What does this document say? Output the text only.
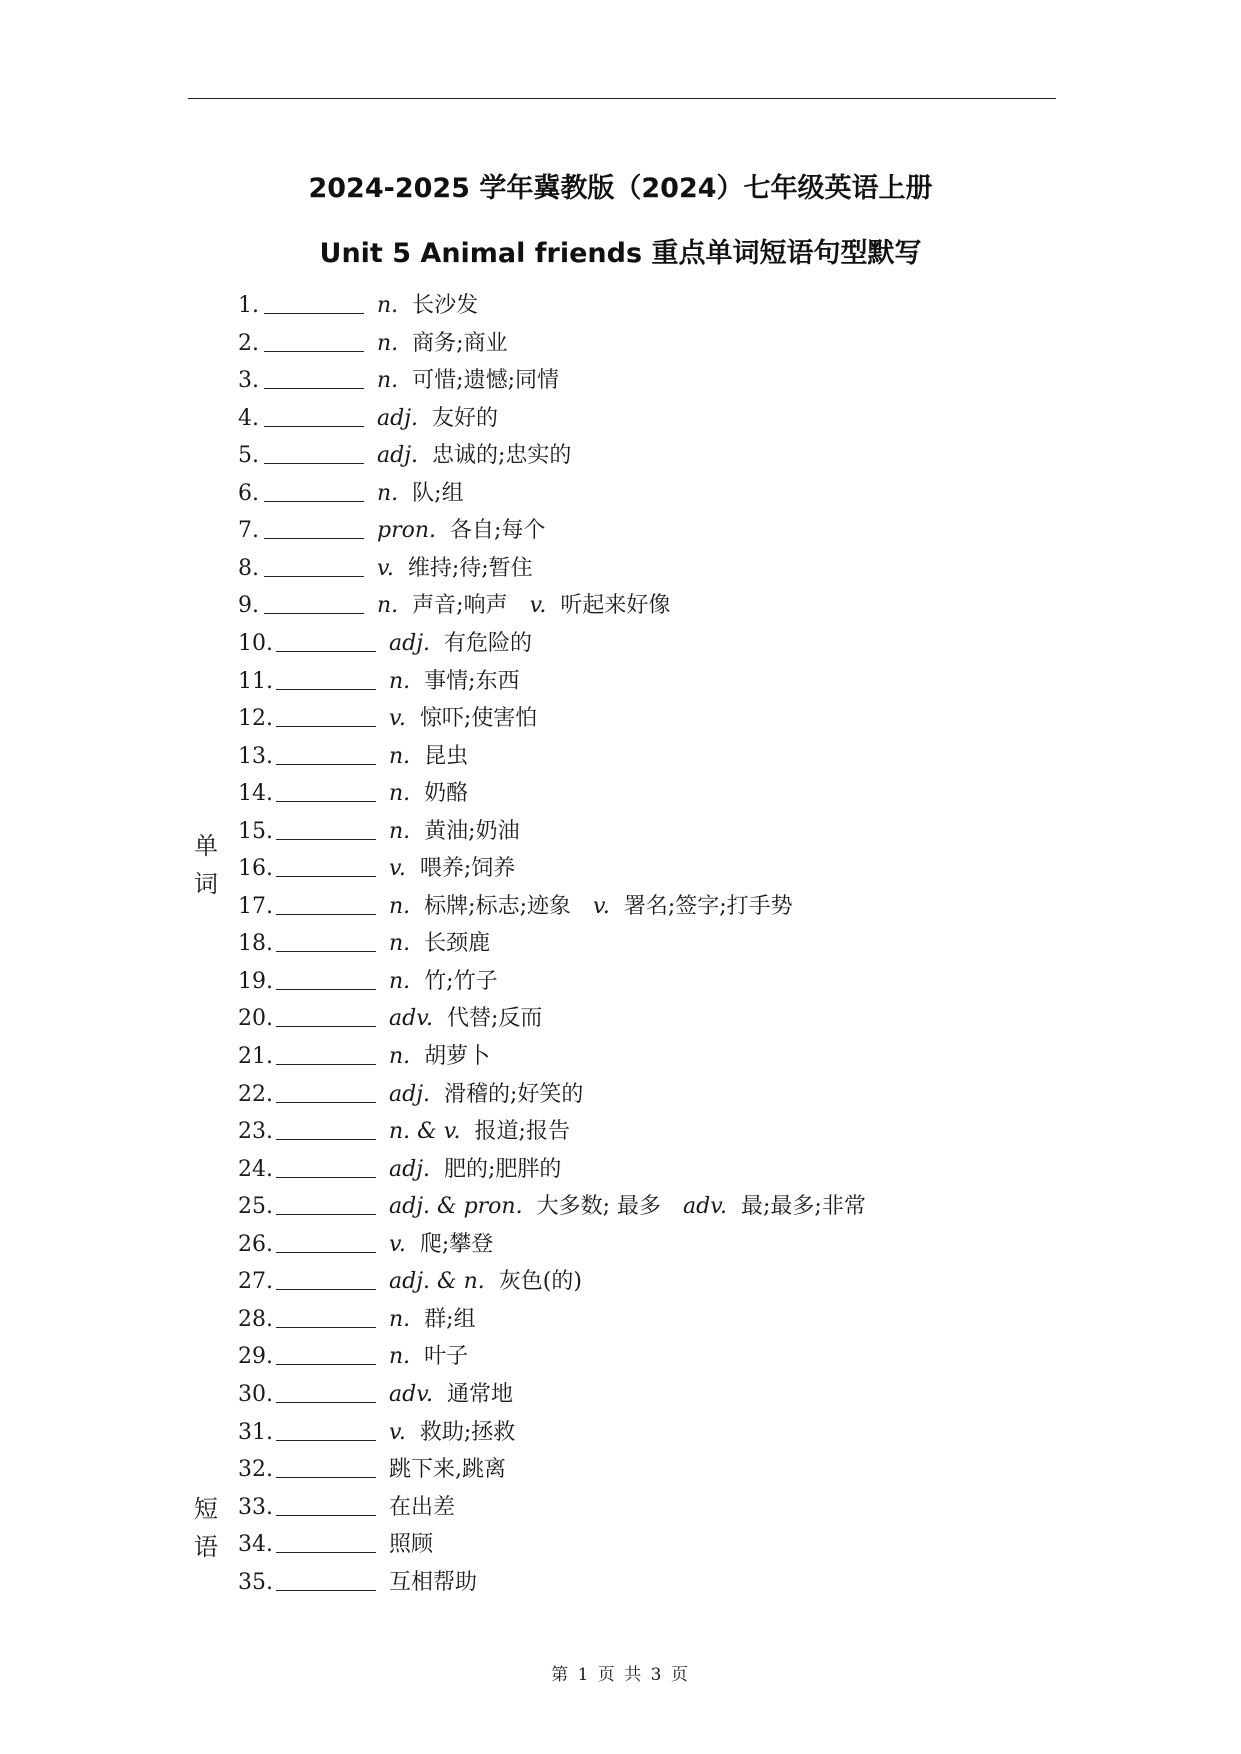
2024-2025 学年冀教版（2024）七年级英语上册
Unit 5 Animal friends 重点单词短语句型默写
单
词
短
语
1.	n. 长沙发
2.	n. 商务;商业
3.	n. 可惜;遗憾;同情
4.	adj. 友好的
5.	adj. 忠诚的;忠实的
6.	n. 队;组
7.	pron. 各自;每个
8.	v. 维持;待;暂住
9.	n. 声音;响声 v. 听起来好像
10.	adj. 有危险的
11.	n. 事情;东西
12.	v. 惊吓;使害怕
13.	n. 昆虫
14.	n. 奶酪
15.	n. 黄油;奶油
16.	v. 喂养;饲养
17.	n. 标牌;标志;迹象 v. 署名;签字;打手势
18.	n. 长颈鹿
19.	n. 竹;竹子
20.	adv. 代替;反而
21.	n. 胡萝卜
22.	adj. 滑稽的;好笑的
23.	n. & v. 报道;报告
24.	adj. 肥的;肥胖的
25.	adj. & pron. 大多数; 最多 adv. 最;最多;非常
26.	v. 爬;攀登
27.	adj. & n. 灰色(的)
28.	n. 群;组
29.	n. 叶子
30.	adv. 通常地
31.	v. 救助;拯救
32.	跳下来,跳离
33.	在出差
34.	照顾
35.	互相帮助
第 1 页 共 3 页
